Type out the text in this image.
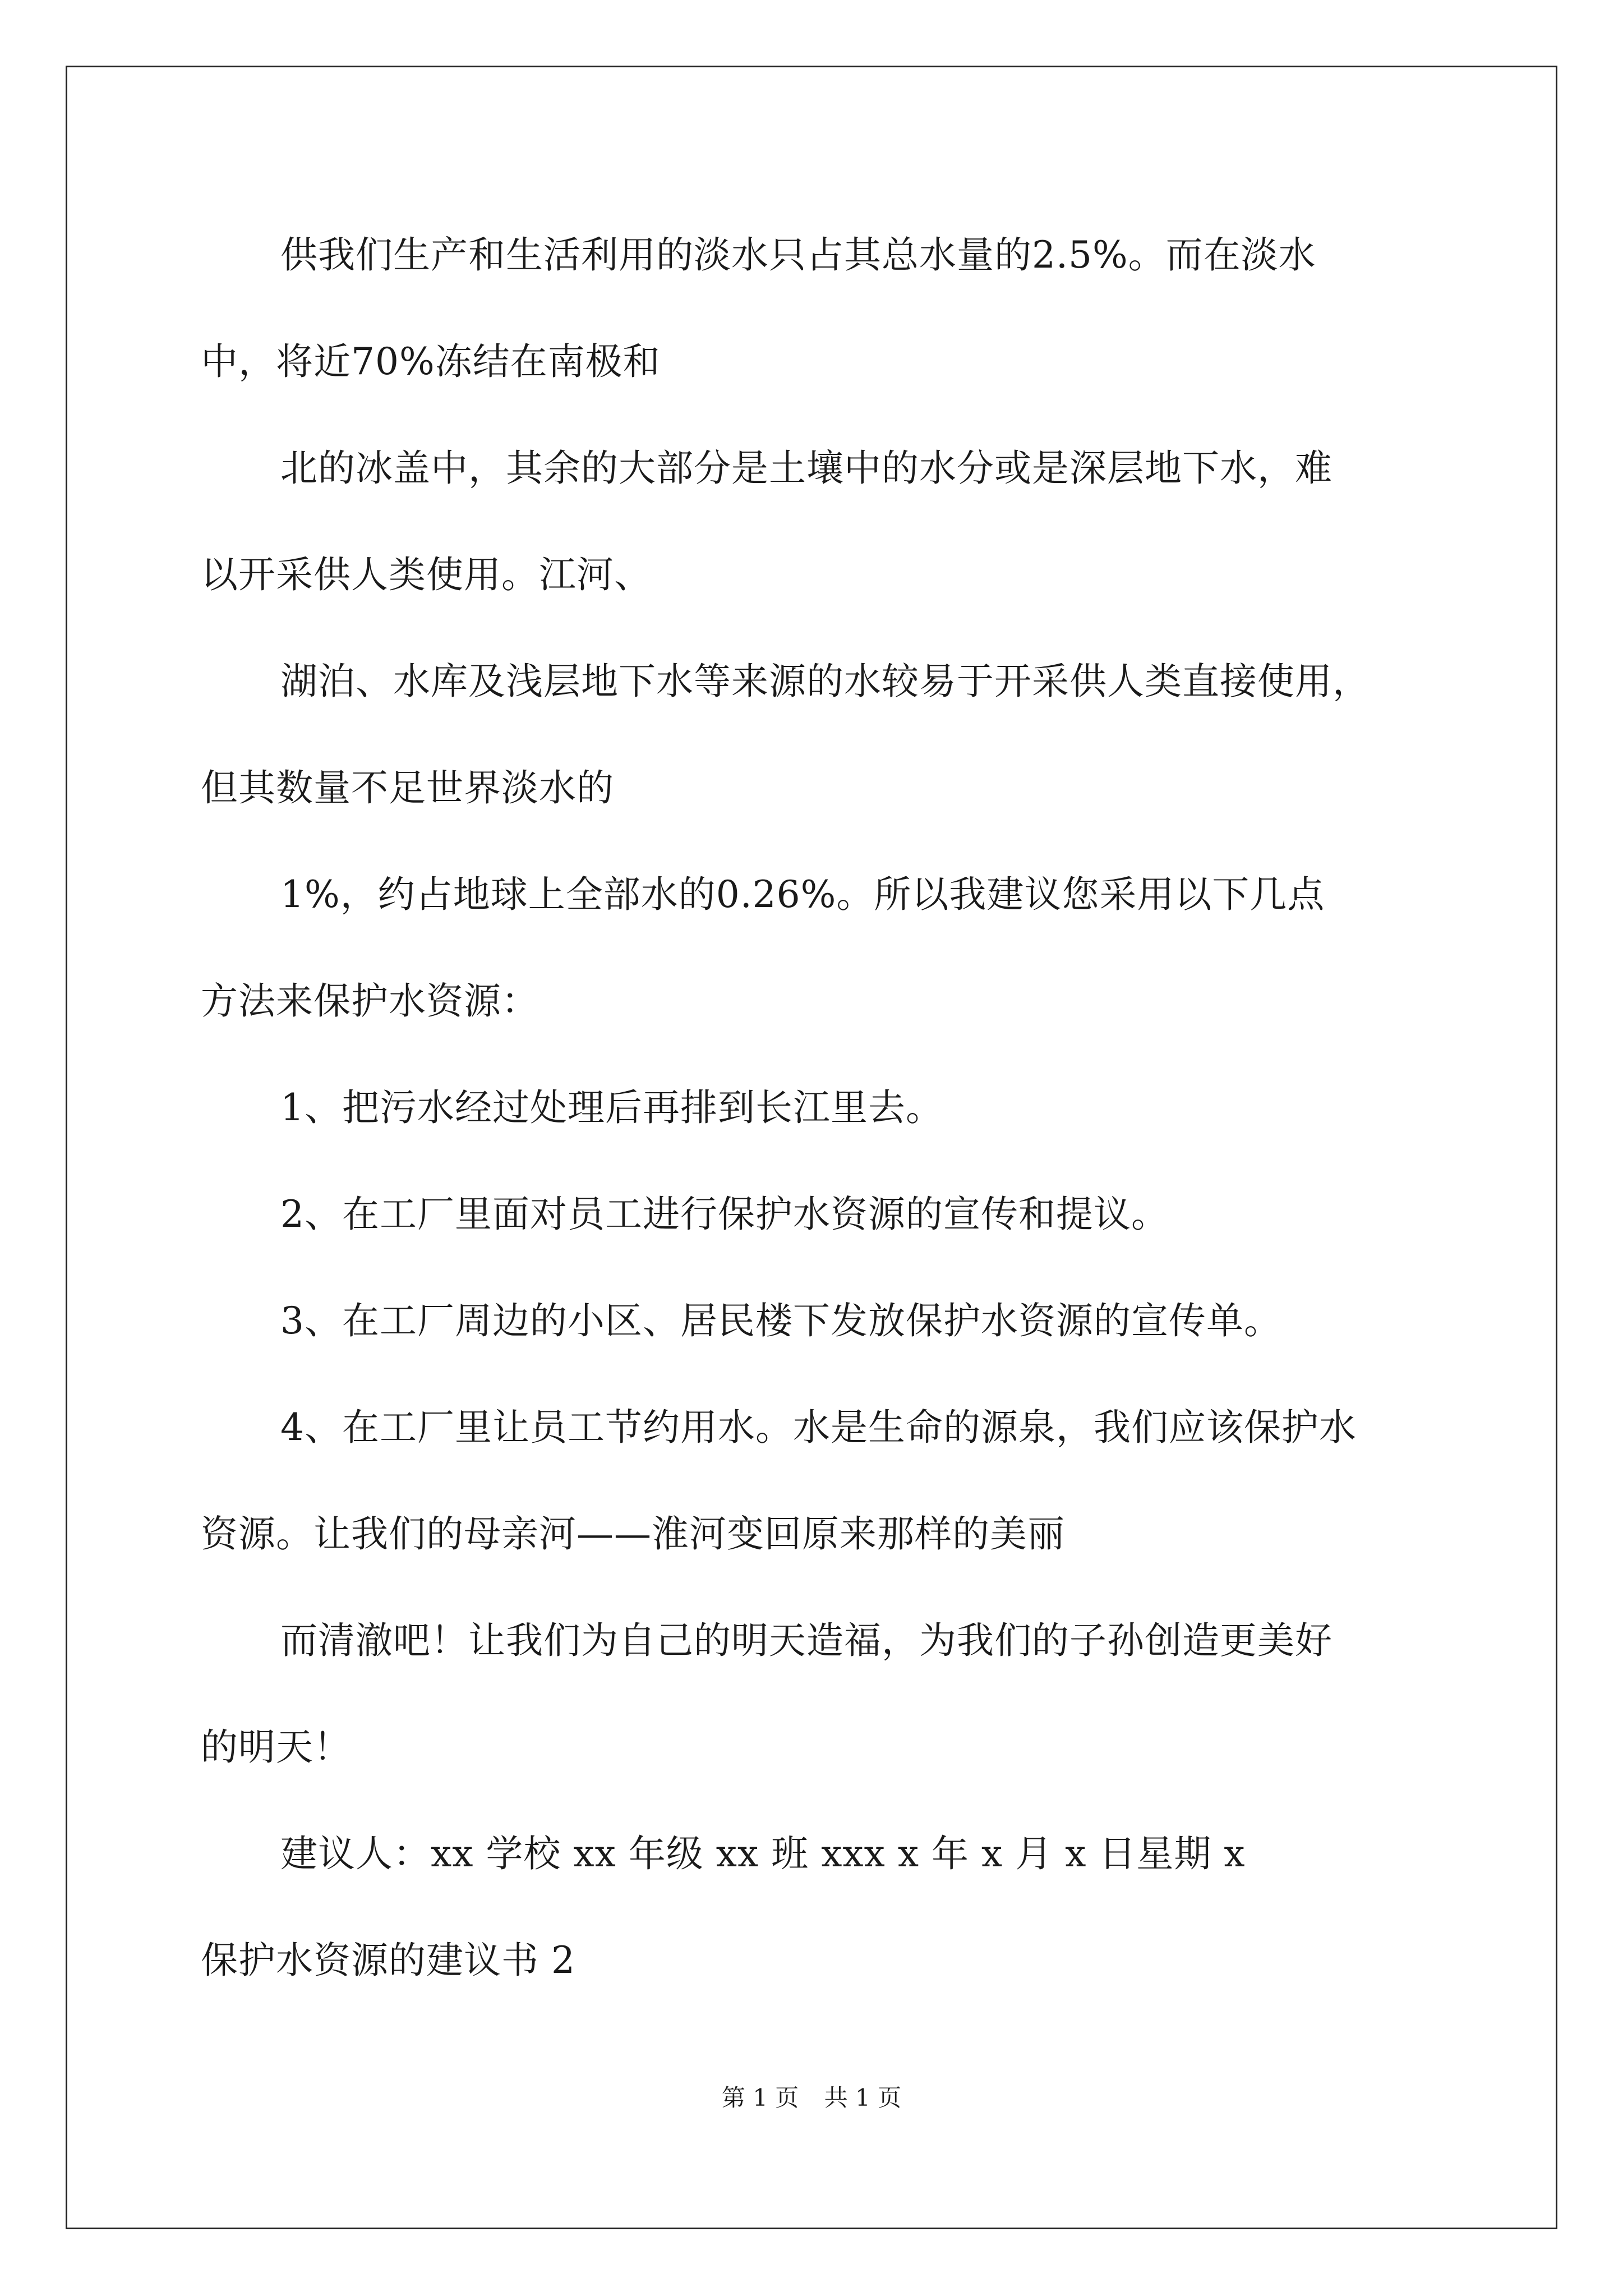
供我们生产和生活利用的淡水只占其总水量的2.5%。而在淡水
中，将近70%冻结在南极和
北的冰盖中，其余的大部分是土壤中的水分或是深层地下水，难
以开采供人类使用。江河、
湖泊、水库及浅层地下水等来源的水较易于开采供人类直接使用，
但其数量不足世界淡水的
1%，约占地球上全部水的0.26%。所以我建议您采用以下几点
方法来保护水资源：
1、把污水经过处理后再排到长江里去。
2、在工厂里面对员工进行保护水资源的宣传和提议。
3、在工厂周边的小区、居民楼下发放保护水资源的宣传单。
4、在工厂里让员工节约用水。水是生命的源泉，我们应该保护水
资源。让我们的母亲河——淮河变回原来那样的美丽
而清澈吧！让我们为自己的明天造福，为我们的子孙创造更美好
的明天！
建议人：xx 学校 xx 年级 xx 班 xxx x 年 x 月 x 日星期 x
保护水资源的建议书 2
第 1 页 共 1 页
